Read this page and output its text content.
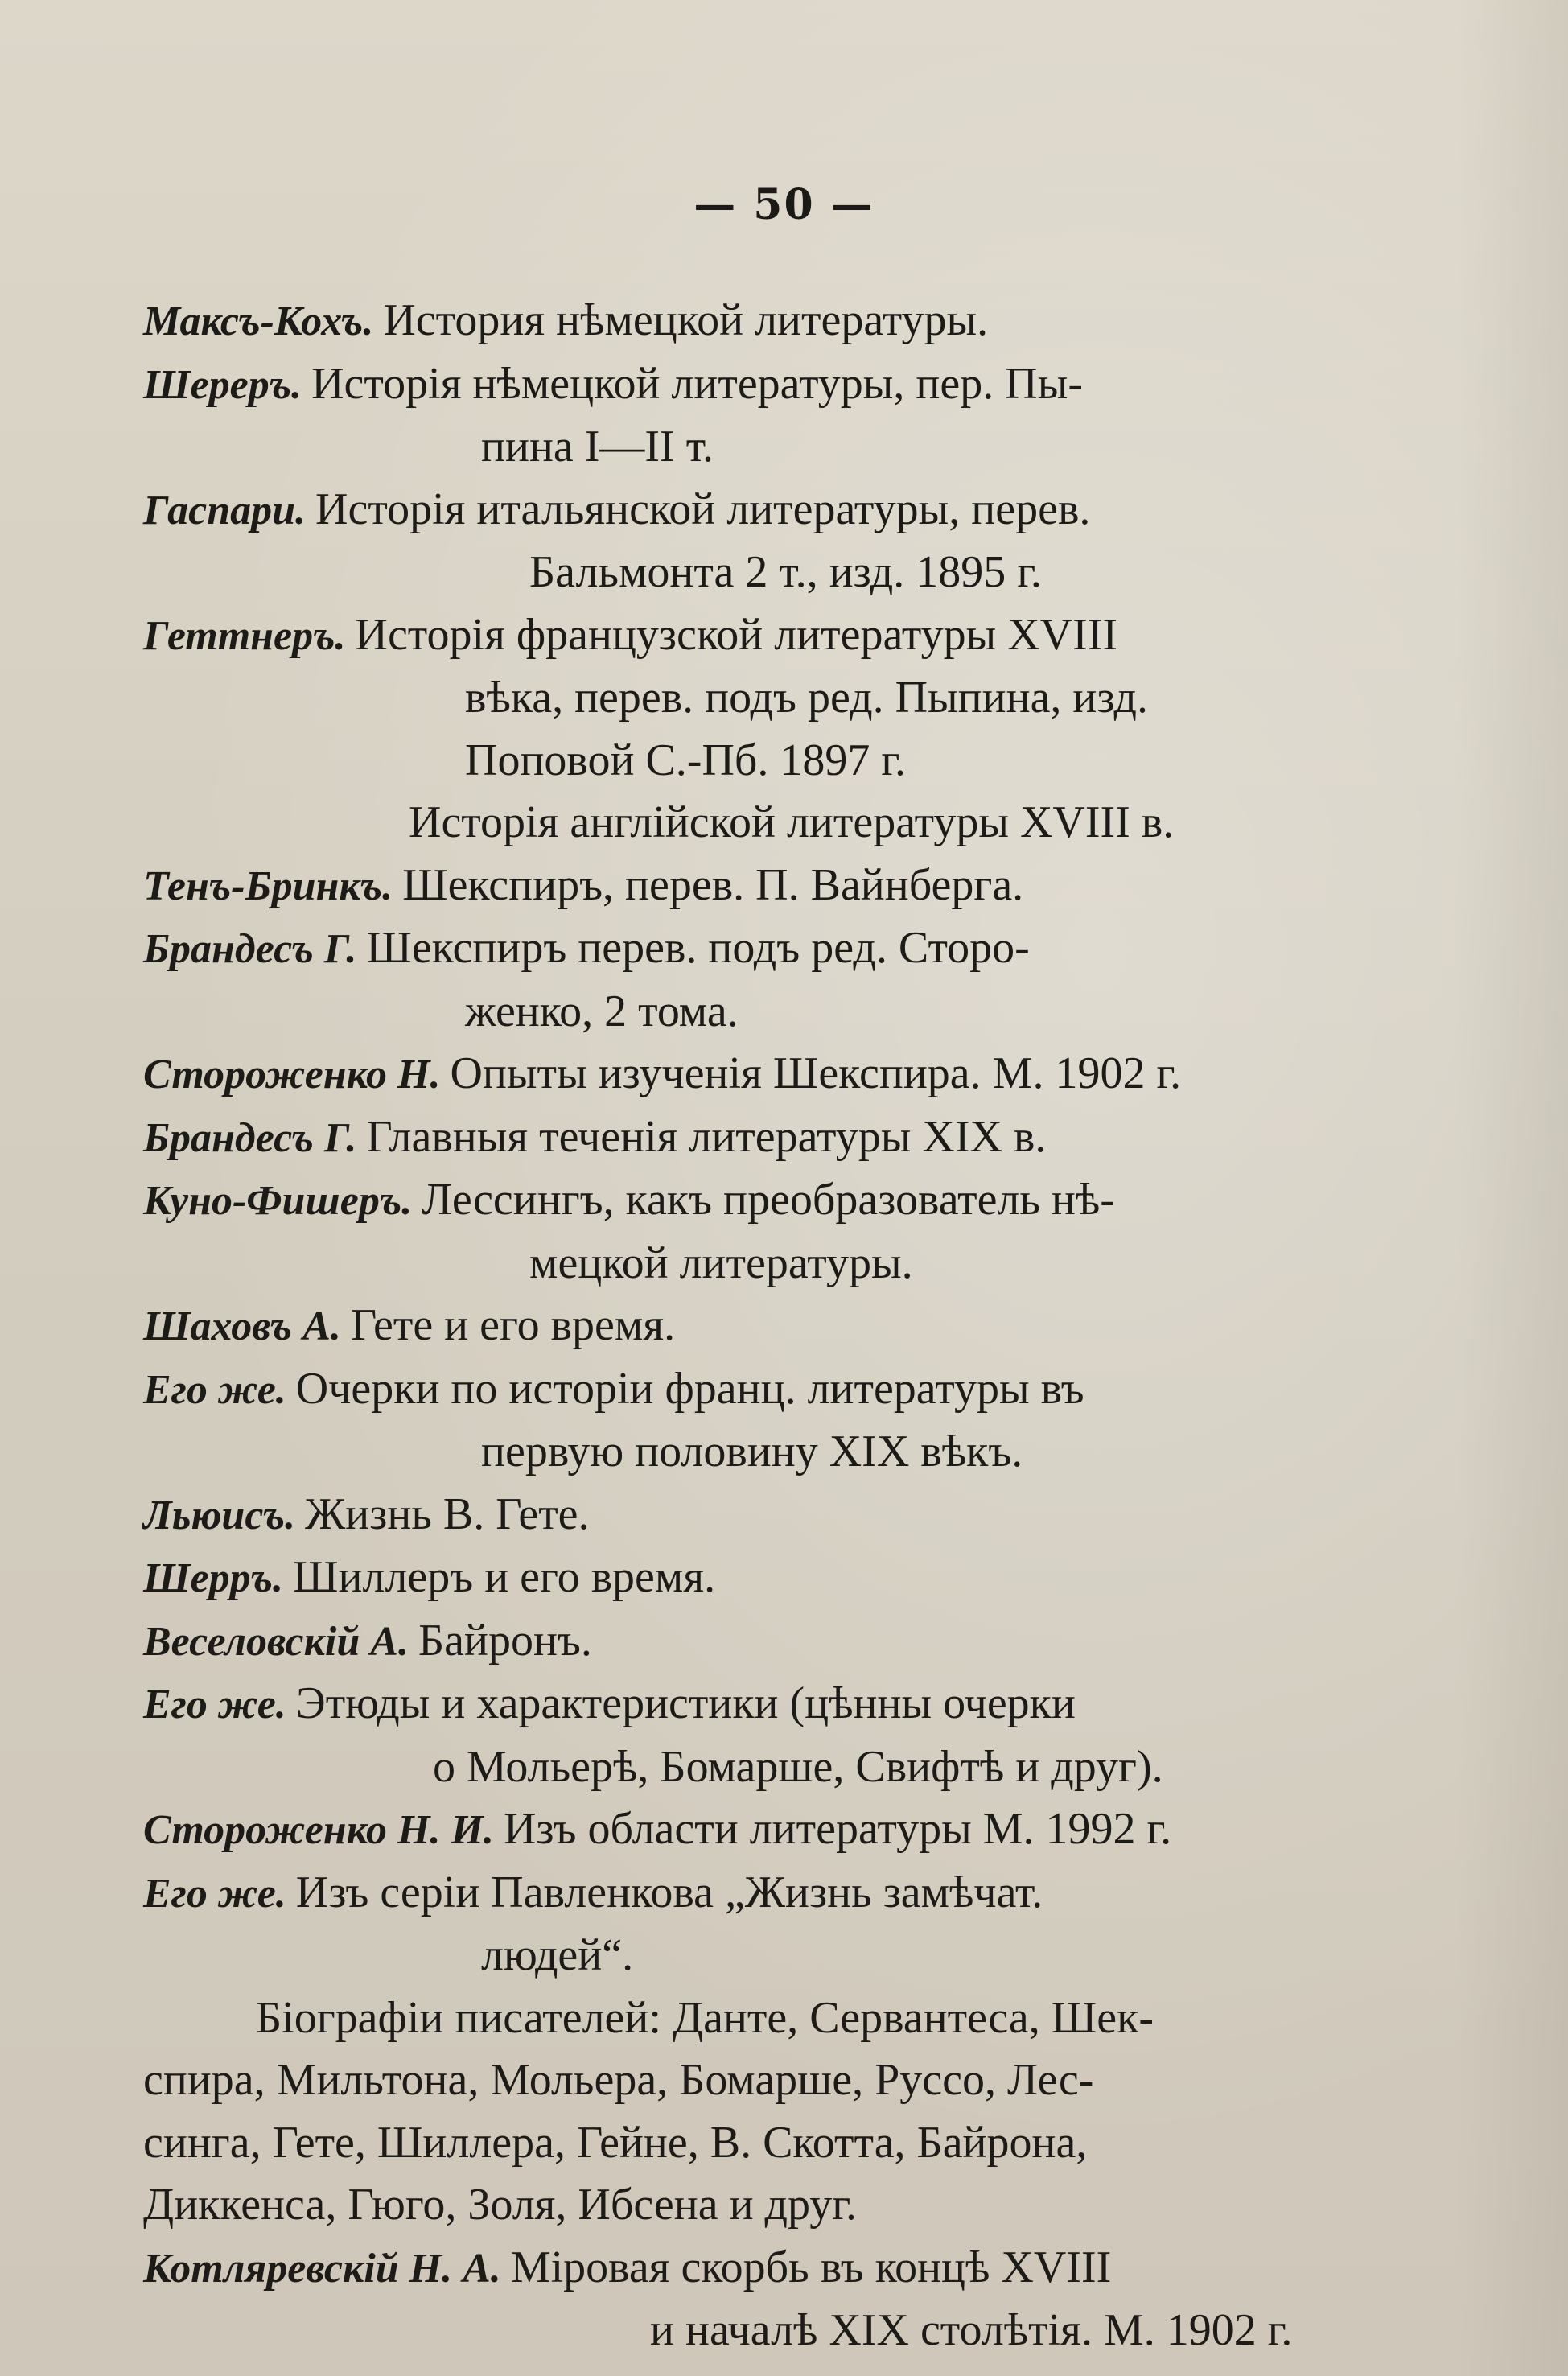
— 50 —
Максъ-Кохъ. История нѣмецкой литературы.
Шереръ. Исторiя нѣмецкой литературы, пер. Пы-
пина I—II т.
Гаспари. Исторiя итальянской литературы, перев.
Бальмонта 2 т., изд. 1895 г.
Геттнеръ. Исторiя французской литературы XVIII
вѣка, перев. подъ ред. Пыпина, изд.
Поповой С.-Пб. 1897 г.
Исторiя англiйской литературы XVIII в.
Тенъ-Бринкъ. Шекспиръ, перев. П. Вайнберга.
Брандесъ Г. Шекспиръ перев. подъ ред. Сторо-
женко, 2 тома.
Стороженко Н. Опыты изученiя Шекспира. М. 1902 г.
Брандесъ Г. Главныя теченiя литературы XIX в.
Куно-Фишеръ. Лессингъ, какъ преобразователь нѣ-
мецкой литературы.
Шаховъ А. Гете и его время.
Его же. Очерки по исторiи франц. литературы въ
первую половину XIX вѣкъ.
Льюисъ. Жизнь В. Гете.
Шерръ. Шиллеръ и его время.
Веселовскiй А. Байронъ.
Его же. Этюды и характеристики (цѣнны очерки
о Мольерѣ, Бомарше, Свифтѣ и друг).
Стороженко Н. И. Изъ области литературы М. 1992 г.
Его же. Изъ серiи Павленкова „Жизнь замѣчат.
людей“.
Бiографiи писателей: Данте, Сервантеса, Шек-
спира, Мильтона, Мольера, Бомарше, Руссо, Лес-
синга, Гете, Шиллера, Гейне, В. Скотта, Байрона,
Диккенса, Гюго, Золя, Ибсена и друг.
Котляревскiй Н. А. Мiровая скорбь въ концѣ XVIII
и началѣ XIX столѣтiя. М. 1902 г.
